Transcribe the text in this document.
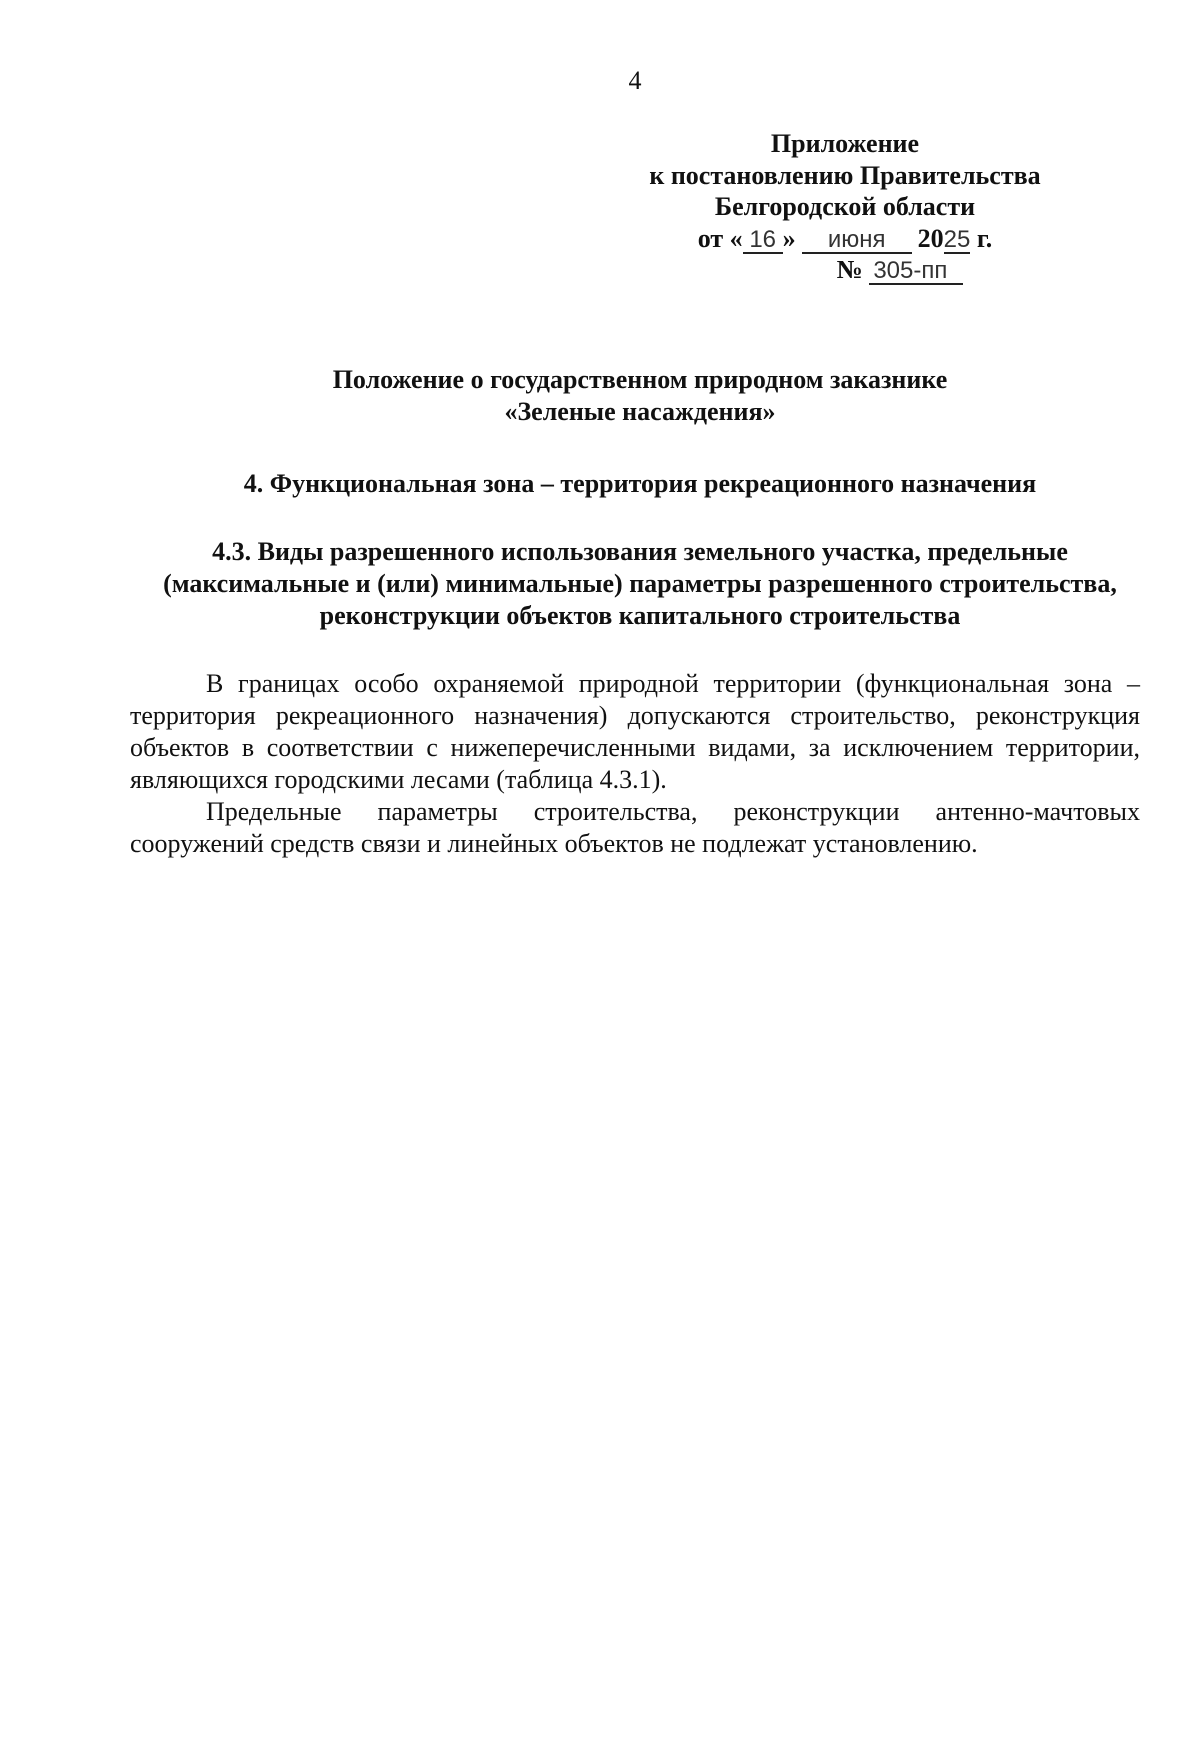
4
Приложение
к постановлению Правительства
Белгородской области
от « 16 » июня 2025 г.
№ 305-пп
Положение о государственном природном заказнике
«Зеленые насаждения»
4. Функциональная зона – территория рекреационного назначения
4.3. Виды разрешенного использования земельного участка, предельные (максимальные и (или) минимальные) параметры разрешенного строительства, реконструкции объектов капитального строительства

В границах особо охраняемой природной территории (функциональная зона – территория рекреационного назначения) допускаются строительство, реконструкция объектов в соответствии с нижеперечисленными видами, за исключением территории, являющихся городскими лесами (таблица 4.3.1).

Предельные параметры строительства, реконструкции антенно-мачтовых сооружений средств связи и линейных объектов не подлежат установлению.
